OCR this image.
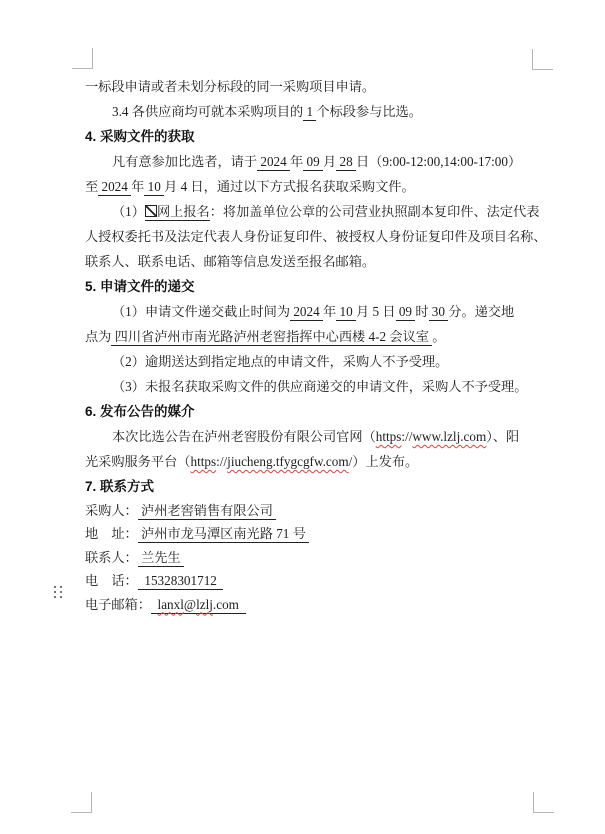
一标段申请或者未划分标段的同一采购项目申请。
3.4 各供应商均可就本采购项目的 1 个标段参与比选。
4. 采购文件的获取
凡有意参加比选者，请于 2024 年 09 月 28 日（9:00-12:00,14:00-17:00）
至 2024 年 10 月 4 日，通过以下方式报名获取采购文件。
（1） 网上报名：将加盖单位公章的公司营业执照副本复印件、法定代表
人授权委托书及法定代表人身份证复印件、被授权人身份证复印件及项目名称、
联系人、联系电话、邮箱等信息发送至报名邮箱。
5. 申请文件的递交
（1）申请文件递交截止时间为 2024 年 10 月 5 日 09 时 30 分。递交地
点为 四川省泸州市南光路泸州老窖指挥中心西楼 4-2 会议室 。
（2）逾期送达到指定地点的申请文件，采购人不予受理。
（3）未报名获取采购文件的供应商递交的申请文件，采购人不予受理。
6. 发布公告的媒介
本次比选公告在泸州老窖股份有限公司官网（https://www.lzlj.com）、阳
光采购服务平台（https://jiucheng.tfygcgfw.com/）上发布。
7. 联系方式
采购人： 泸州老窖销售有限公司
地　址： 泸州市龙马潭区南光路 71 号
联系人： 兰先生
电　话：  15328301712
电子邮箱： lanxl@lzlj.com
